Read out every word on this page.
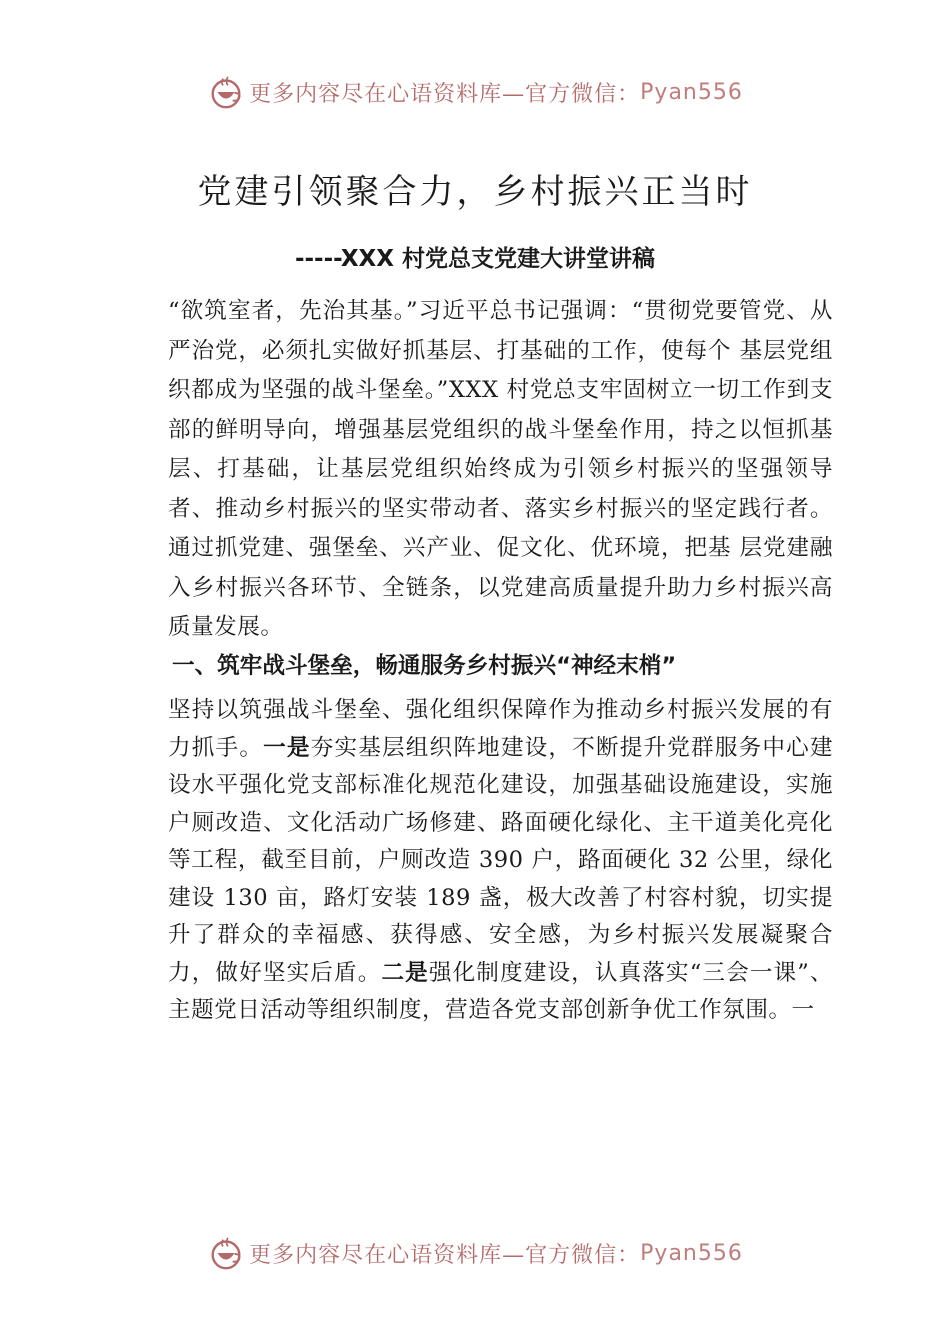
更多内容尽在心语资料库—官方微信： Pyan556
党建引领聚合力，乡村振兴正当时
-----XXX 村党总支党建大讲堂讲稿

“欲筑室者，先治其基。”习近平总书记强调：“贯彻党要管党、从严治党，必须扎实做好抓基层、打基础的工作，使每个 基层党组织都成为坚强的战斗堡垒。”XXX 村党总支牢固树立一切工作到支部的鲜明导向，增强基层党组织的战斗堡垒作用，持之以恒抓基层、打基础，让基层党组织始终成为引领乡村振兴的坚强领导者、推动乡村振兴的坚实带动者、落实乡村振兴的坚定践行者。通过抓党建、强堡垒、兴产业、促文化、优环境，把基 层党建融入乡村振兴各环节、全链条，以党建高质量提升助力乡村振兴高质量发展。

一、筑牢战斗堡垒，畅通服务乡村振兴“神经末梢”

坚持以筑强战斗堡垒、强化组织保障作为推动乡村振兴发展的有力抓手。一是夯实基层组织阵地建设，不断提升党群服务中心建设水平强化党支部标准化规范化建设，加强基础设施建设，实施户厕改造、文化活动广场修建、路面硬化绿化、主干道美化亮化等工程，截至目前，户厕改造 390 户，路面硬化 32 公里，绿化建设 130 亩，路灯安装 189 盏，极大改善了村容村貌，切实提升了群众的幸福感、获得感、安全感，为乡村振兴发展凝聚合力，做好坚实后盾。二是强化制度建设，认真落实“三会一课”、主题党日活动等组织制度，营造各党支部创新争优工作氛围。一

更多内容尽在心语资料库—官方微信： Pyan556
